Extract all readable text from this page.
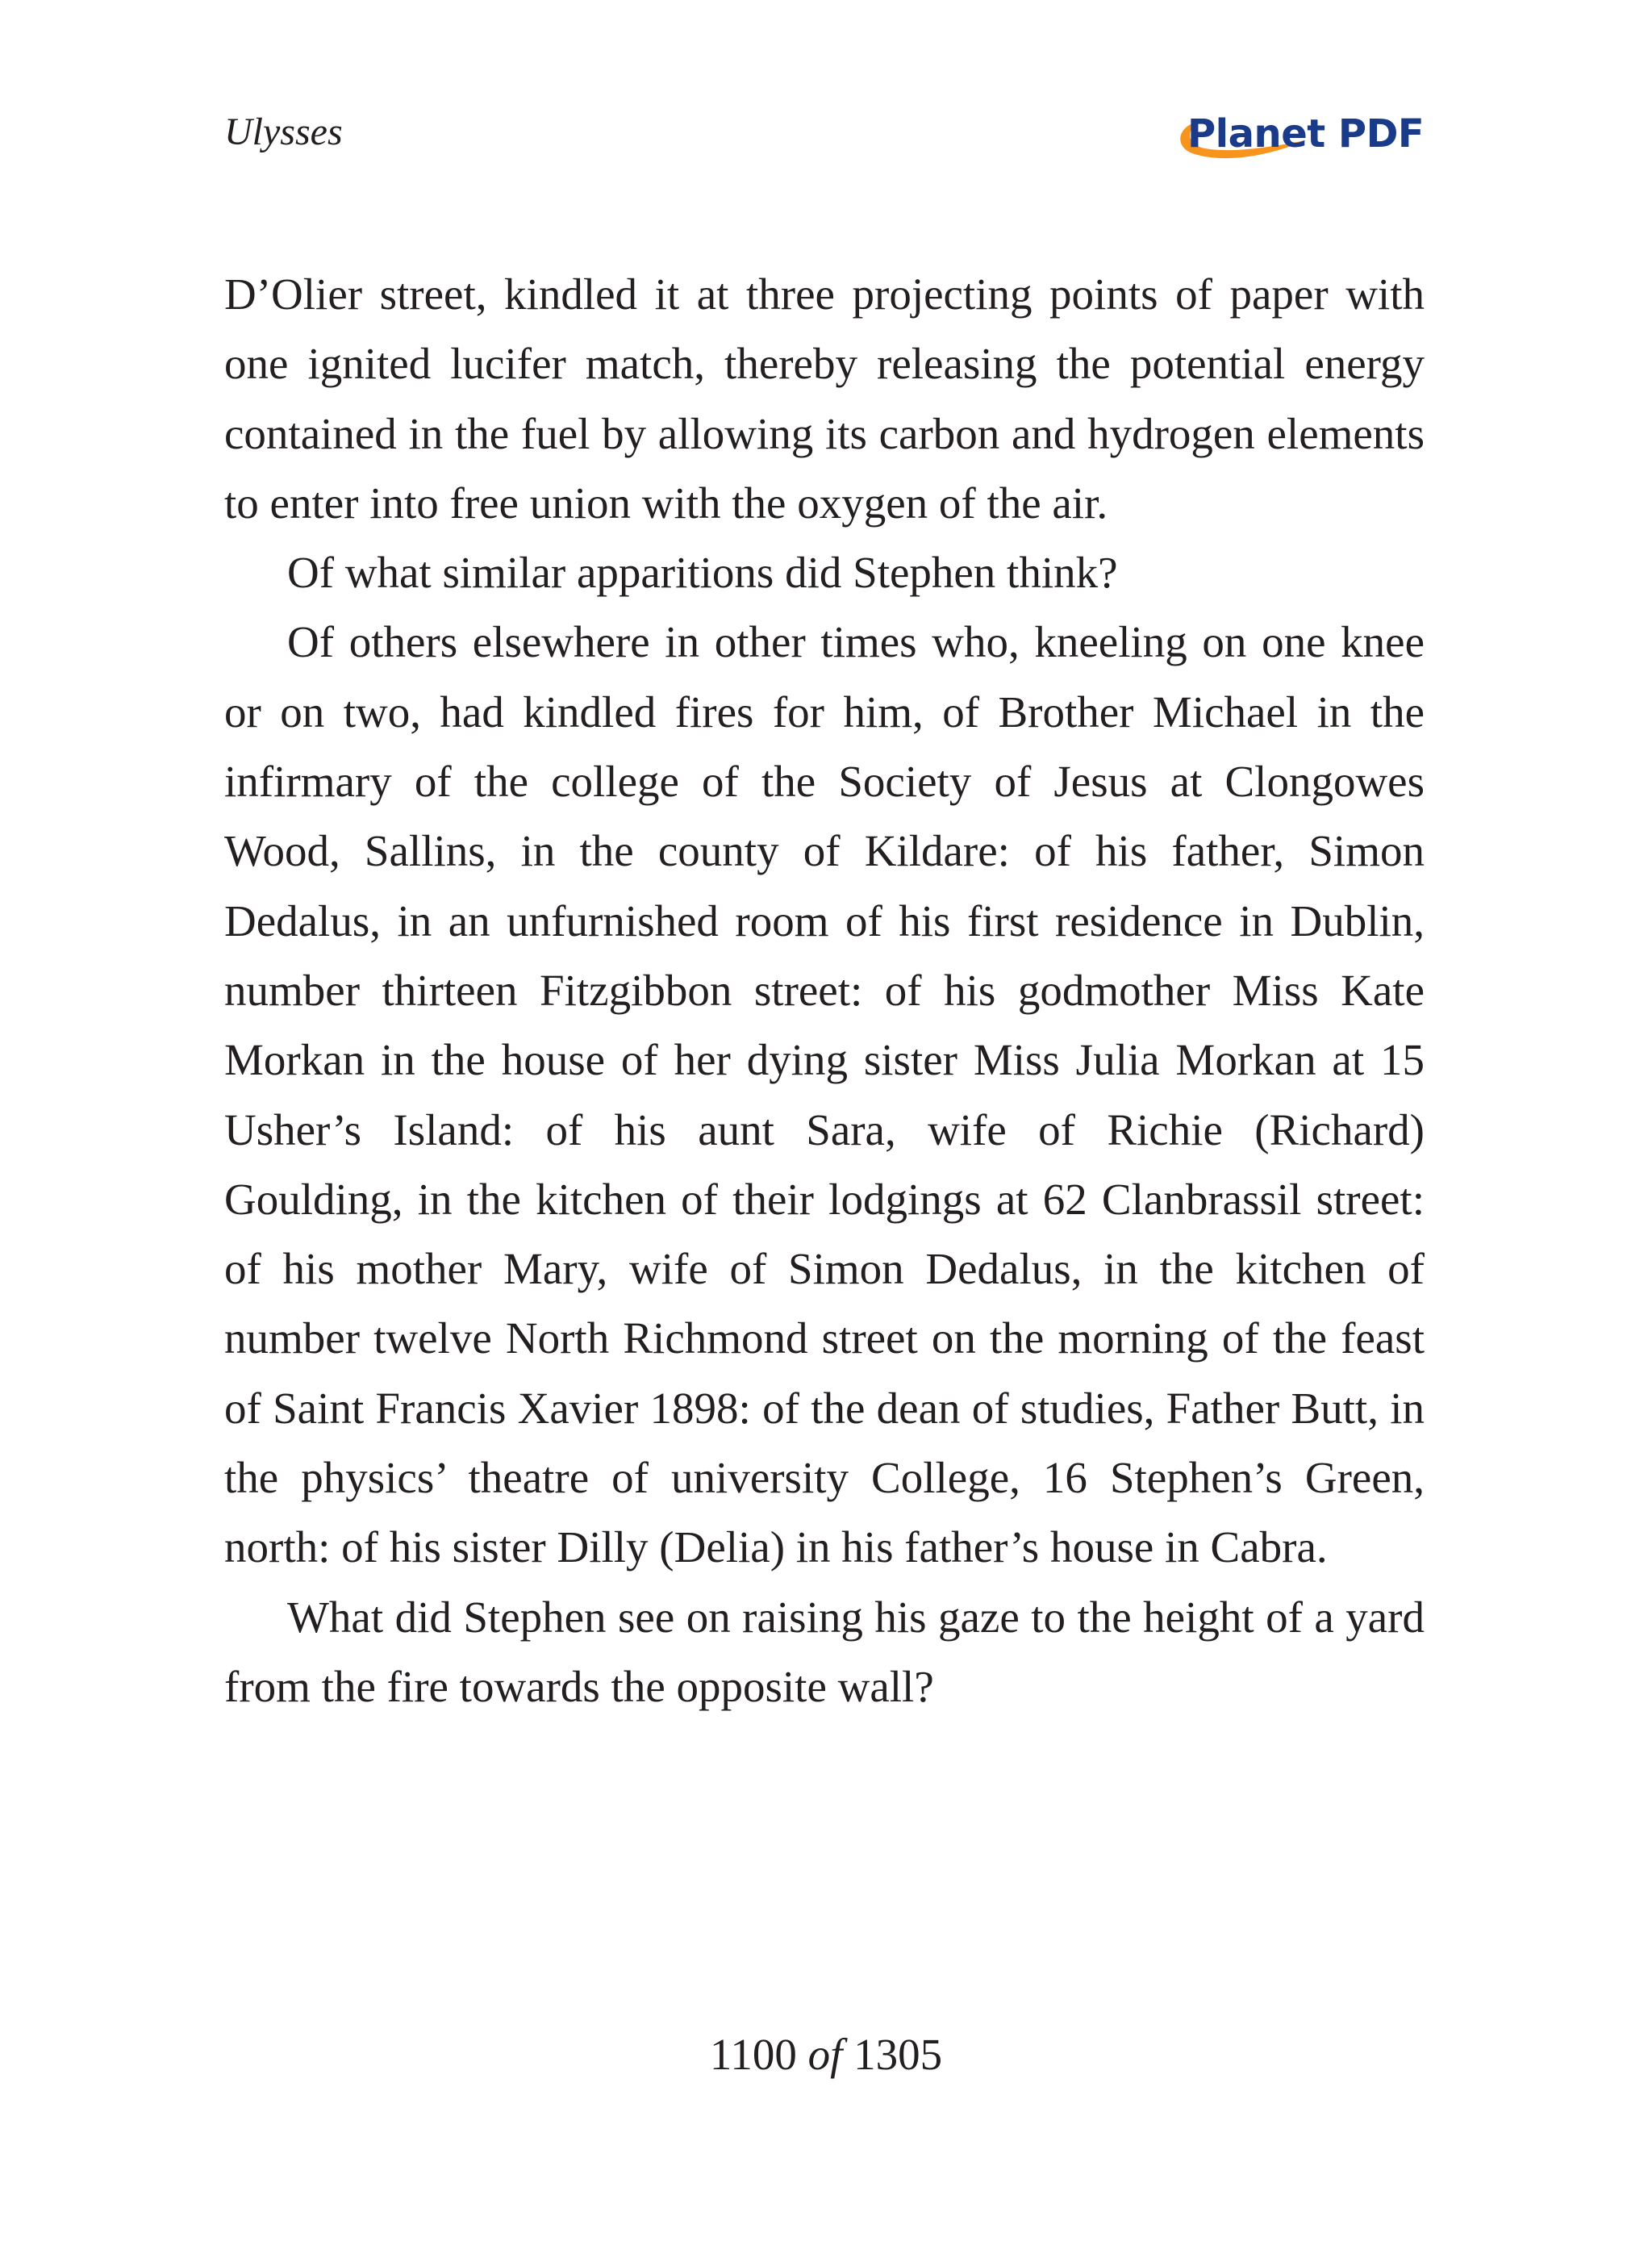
Ulysses	Planet PDF

D’Olier street, kindled it at three projecting points of paper with one ignited lucifer match, thereby releasing the potential energy contained in the fuel by allowing its carbon and hydrogen elements to enter into free union with the oxygen of the air.

Of what similar apparitions did Stephen think?

Of others elsewhere in other times who, kneeling on one knee or on two, had kindled fires for him, of Brother Michael in the infirmary of the college of the Society of Jesus at Clongowes Wood, Sallins, in the county of Kildare: of his father, Simon Dedalus, in an unfurnished room of his first residence in Dublin, number thirteen Fitzgibbon street: of his godmother Miss Kate Morkan in the house of her dying sister Miss Julia Morkan at 15 Usher’s Island: of his aunt Sara, wife of Richie (Richard) Goulding, in the kitchen of their lodgings at 62 Clanbrassil street: of his mother Mary, wife of Simon Dedalus, in the kitchen of number twelve North Richmond street on the morning of the feast of Saint Francis Xavier 1898: of the dean of studies, Father Butt, in the physics’ theatre of university College, 16 Stephen’s Green, north: of his sister Dilly (Delia) in his father’s house in Cabra.

What did Stephen see on raising his gaze to the height of a yard from the fire towards the opposite wall?

1100 of 1305
